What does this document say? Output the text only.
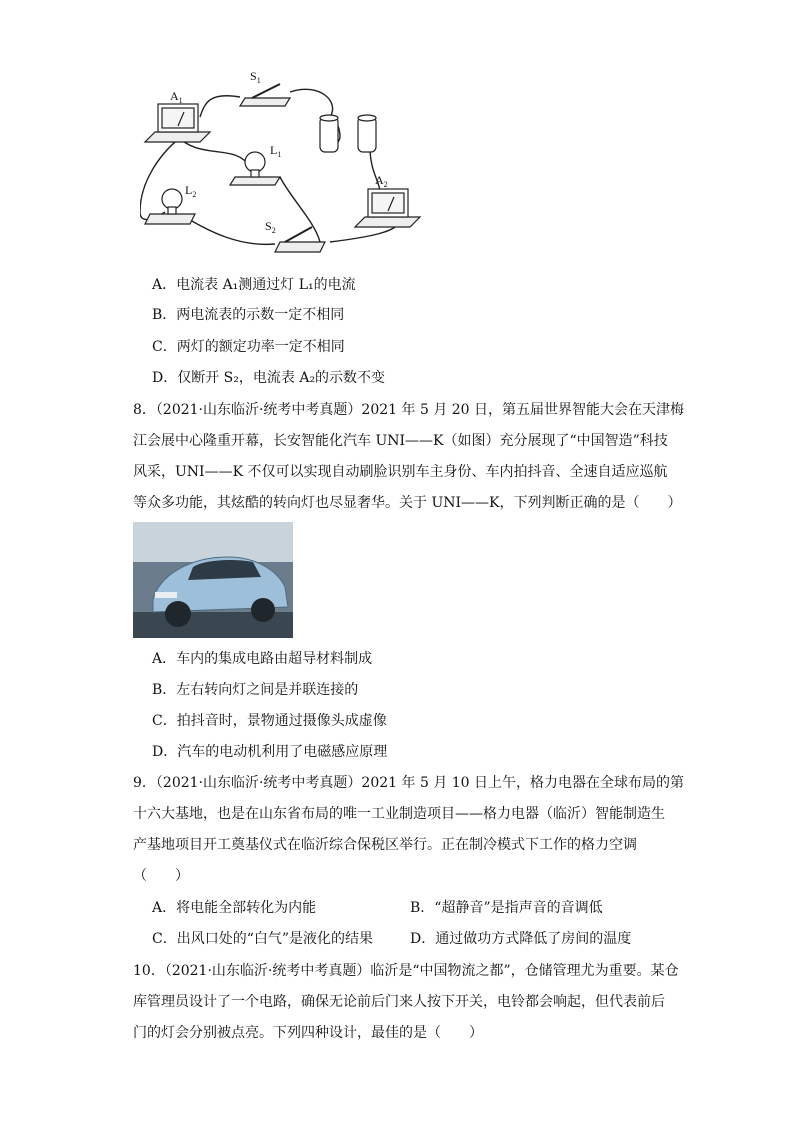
$A_1$
$S_1$
$L_1$
$L_2$
$S_2$
$A_2$
A．电流表 A₁测通过灯 L₁的电流
B．两电流表的示数一定不相同
C．两灯的额定功率一定不相同
D．仅断开 S₂，电流表 A₂的示数不变
8．（2021·山东临沂·统考中考真题）2021 年 5 月 20 日，第五届世界智能大会在天津梅
江会展中心隆重开幕，长安智能化汽车 UNI——K（如图）充分展现了“中国智造”科技
风采，UNI——K 不仅可以实现自动刷脸识别车主身份、车内拍抖音、全速自适应巡航
等众多功能，其炫酷的转向灯也尽显奢华。关于 UNI——K，下列判断正确的是（　　）
A．车内的集成电路由超导材料制成
B．左右转向灯之间是并联连接的
C．拍抖音时，景物通过摄像头成虚像
D．汽车的电动机利用了电磁感应原理
9．（2021·山东临沂·统考中考真题）2021 年 5 月 10 日上午，格力电器在全球布局的第
十六大基地，也是在山东省布局的唯一工业制造项目——格力电器（临沂）智能制造生
产基地项目开工奠基仪式在临沂综合保税区举行。正在制冷模式下工作的格力空调
（　　）
A．将电能全部转化为内能	B．“超静音”是指声音的音调低
C．出风口处的“白气”是液化的结果	D．通过做功方式降低了房间的温度
10．（2021·山东临沂·统考中考真题）临沂是“中国物流之都”，仓储管理尤为重要。某仓
库管理员设计了一个电路，确保无论前后门来人按下开关，电铃都会响起，但代表前后
门的灯会分别被点亮。下列四种设计，最佳的是（　　）
